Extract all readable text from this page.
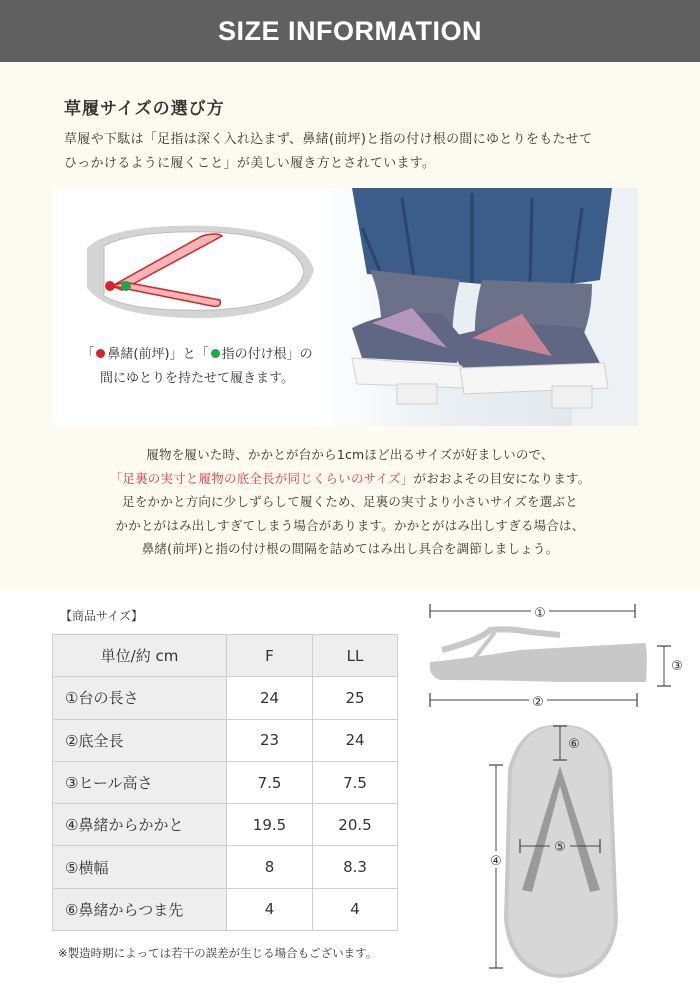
SIZE INFORMATION
草履サイズの選び方
草履や下駄は「足指は深く入れ込まず、鼻緒(前坪)と指の付け根の間にゆとりをもたせて
ひっかけるように履くこと」が美しい履き方とされています。
「 鼻緒(前坪)」と「 指の付け根」の
間にゆとりを持たせて履きます。
履物を履いた時、かかとが台から1cmほど出るサイズが好ましいので、
「足裏の実寸と履物の底全長が同じくらいのサイズ」がおおよその目安になります。
足をかかと方向に少しずらして履くため、足裏の実寸より小さいサイズを選ぶと
かかとがはみ出しすぎてしまう場合があります。かかとがはみ出しすぎる場合は、
鼻緒(前坪)と指の付け根の間隔を詰めてはみ出し具合を調節しましょう。
【商品サイズ】
単位/約 cm	F	LL
①台の長さ	24	25
②底全長	23	24
③ヒール高さ	7.5	7.5
④鼻緒からかかと	19.5	20.5
⑤横幅	8	8.3
⑥鼻緒からつま先	4	4
※製造時期によっては若干の誤差が生じる場合もございます。
①
②
③
④
⑤
⑥
